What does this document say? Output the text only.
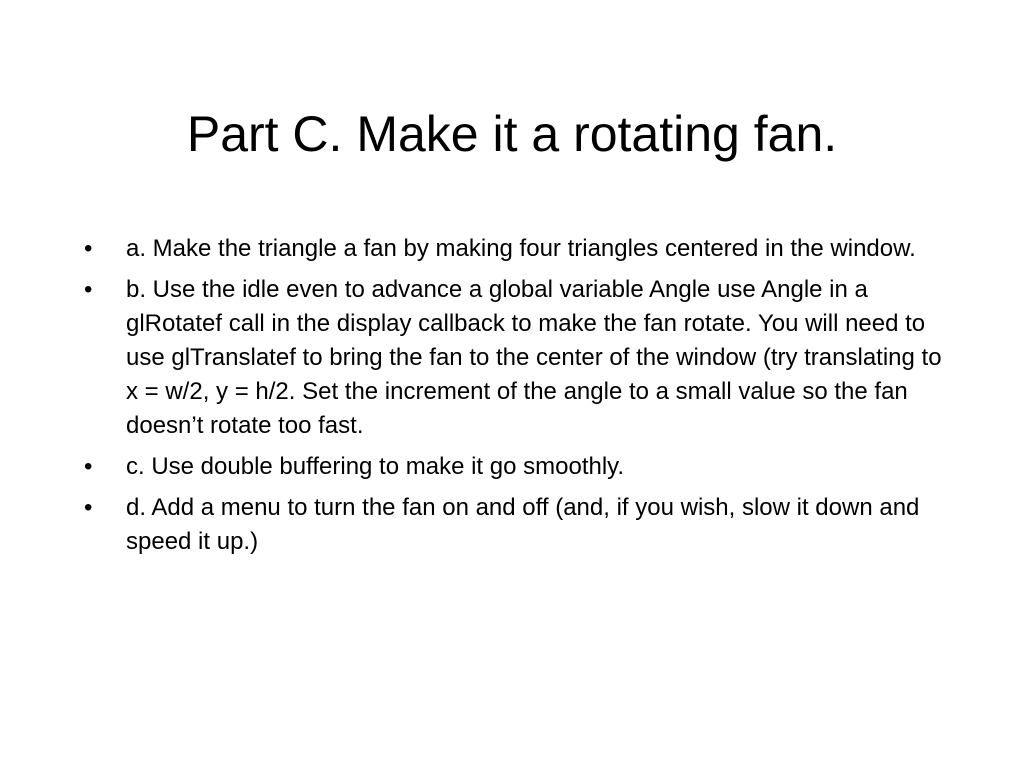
Part C. Make it a rotating fan.
•	a. Make the triangle a fan by making four triangles centered in the window.
•	b. Use the idle even to advance a global variable Angle use Angle in a glRotatef call in the display callback to make the fan rotate. You will need to use glTranslatef to bring the fan to the center of the window (try translating to x = w/2, y = h/2. Set the increment of the angle to a small value so the fan doesn’t rotate too fast.
•	c. Use double buffering to make it go smoothly.
•	d. Add a menu to turn the fan on and off (and, if you wish, slow it down and speed it up.)
